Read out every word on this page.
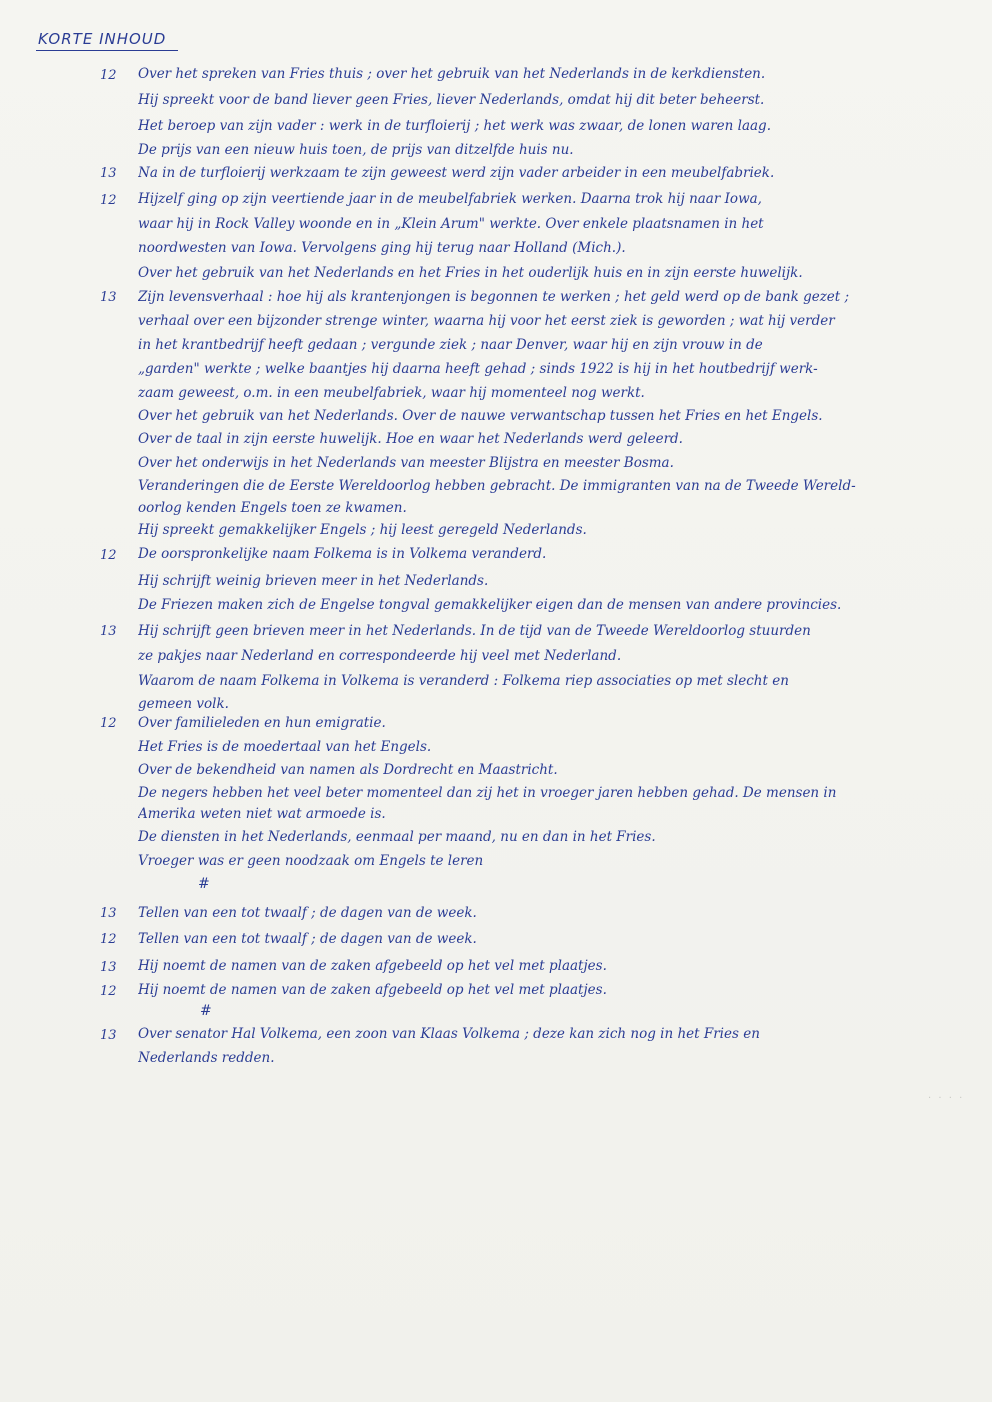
KORTE INHOUD
12
13
12
13
12
13
12
13
12
13
12
13
Over het spreken van Fries thuis ; over het gebruik van het Nederlands in de kerkdiensten.
Hij spreekt voor de band liever geen Fries, liever Nederlands, omdat hij dit beter beheerst.
Het beroep van zijn vader : werk in de turfloierij ; het werk was zwaar, de lonen waren laag.
De prijs van een nieuw huis toen, de prijs van ditzelfde huis nu.
Na in de turfloierij werkzaam te zijn geweest werd zijn vader arbeider in een meubelfabriek.
Hijzelf ging op zijn veertiende jaar in de meubelfabriek werken. Daarna trok hij naar Iowa,
waar hij in Rock Valley woonde en in „Klein Arum" werkte. Over enkele plaatsnamen in het
noordwesten van Iowa. Vervolgens ging hij terug naar Holland (Mich.).
Over het gebruik van het Nederlands en het Fries in het ouderlijk huis en in zijn eerste huwelijk.
Zijn levensverhaal : hoe hij als krantenjongen is begonnen te werken ; het geld werd op de bank gezet ;
verhaal over een bijzonder strenge winter, waarna hij voor het eerst ziek is geworden ; wat hij verder
in het krantbedrijf heeft gedaan ; vergunde ziek ; naar Denver, waar hij en zijn vrouw in de
„garden" werkte ; welke baantjes hij daarna heeft gehad ; sinds 1922 is hij in het houtbedrijf werk-
zaam geweest, o.m. in een meubelfabriek, waar hij momenteel nog werkt.
Over het gebruik van het Nederlands. Over de nauwe verwantschap tussen het Fries en het Engels.
Over de taal in zijn eerste huwelijk. Hoe en waar het Nederlands werd geleerd.
Over het onderwijs in het Nederlands van meester Blijstra en meester Bosma.
Veranderingen die de Eerste Wereldoorlog hebben gebracht. De immigranten van na de Tweede Wereld-
oorlog kenden Engels toen ze kwamen.
Hij spreekt gemakkelijker Engels ; hij leest geregeld Nederlands.
De oorspronkelijke naam Folkema is in Volkema veranderd.
Hij schrijft weinig brieven meer in het Nederlands.
De Friezen maken zich de Engelse tongval gemakkelijker eigen dan de mensen van andere provincies.
Hij schrijft geen brieven meer in het Nederlands. In de tijd van de Tweede Wereldoorlog stuurden
ze pakjes naar Nederland en correspondeerde hij veel met Nederland.
Waarom de naam Folkema in Volkema is veranderd : Folkema riep associaties op met slecht en
gemeen volk.
Over familieleden en hun emigratie.
Het Fries is de moedertaal van het Engels.
Over de bekendheid van namen als Dordrecht en Maastricht.
De negers hebben het veel beter momenteel dan zij het in vroeger jaren hebben gehad. De mensen in
Amerika weten niet wat armoede is.
De diensten in het Nederlands, eenmaal per maand, nu en dan in het Fries.
Vroeger was er geen noodzaak om Engels te leren
#
Tellen van een tot twaalf ; de dagen van de week.
Tellen van een tot twaalf ; de dagen van de week.
Hij noemt de namen van de zaken afgebeeld op het vel met plaatjes.
Hij noemt de namen van de zaken afgebeeld op het vel met plaatjes.
#
Over senator Hal Volkema, een zoon van Klaas Volkema ; deze kan zich nog in het Fries en
Nederlands redden.
. . . .
